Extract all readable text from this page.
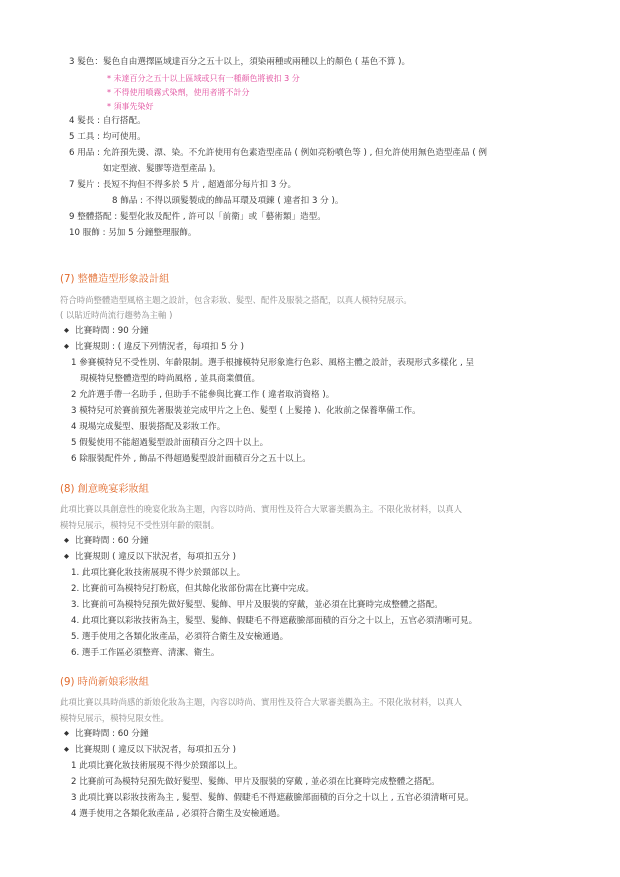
3 髮色：髮色自由選擇區域達百分之五十以上，須染兩種或兩種以上的顏色 ( 基色不算 )。
* 未達百分之五十以上區域或只有一種顏色將被扣 3 分
* 不得使用噴霧式染劑，使用者將不計分
* 須事先染好
4 髮長 : 自行搭配。
5 工具 : 均可使用。
6 用品 : 允許預先燙、漂、染。不允許使用有色素造型產品 ( 例如亮粉噴色等 ) , 但允許使用無色造型產品 ( 例
如定型液、髮膠等造型產品 )。
7 髮片 : 長短不拘但不得多於 5 片 , 超過部分每片扣 3 分。
8 飾品 : 不得以頭髮製成的飾品耳環及項鍊 ( 違者扣 3 分 )。
9 整體搭配 : 髮型化妝及配件 , 許可以「前衛」或「藝術類」造型。
10 服飾 : 另加 5 分鐘整理服飾。
(7) 整體造型形象設計組
符合時尚整體造型風格主題之設計，包含彩妝、髮型、配件及服裝之搭配，以真人模特兒展示。
( 以貼近時尚流行趨勢為主軸 )
◆ 比賽時間 : 90 分鐘
◆ 比賽規則 : ( 違反下列情況者，每項扣 5 分 )
1 參賽模特兒不受性別、年齡限制。選手根據模特兒形象進行色彩、風格主體之設計，表現形式多樣化 , 呈
現模特兒整體造型的時尚風格 , 並具商業價值。
2 允許選手帶一名助手 , 但助手不能參與比賽工作 ( 違者取消資格 )。
3 模特兒可於賽前預先著服裝並完成甲片之上色、髮型 ( 上髮捲 )、化妝前之保養準備工作。
4 現場完成髮型、服裝搭配及彩妝工作。
5 假髮使用不能超過髮型設計面積百分之四十以上。
6 除服裝配件外 , 飾品不得超過髮型設計面積百分之五十以上。
(8) 創意晚宴彩妝組
此項比賽以具創意性的晚宴化妝為主題，內容以時尚、實用性及符合大眾審美觀為主。不限化妝材料，以真人
模特兒展示，模特兒不受性別年齡的限制。
◆ 比賽時間 : 60 分鐘
◆ 比賽規則 ( 違反以下狀況者，每項扣五分 )
1. 此項比賽化妝技術展現不得少於頸部以上。
2. 比賽前可為模特兒打粉底，但其餘化妝部份需在比賽中完成。
3. 比賽前可為模特兒預先做好髮型、髮飾、甲片及服裝的穿戴，並必須在比賽時完成整體之搭配。
4. 此項比賽以彩妝技術為主，髮型、髮飾、假睫毛不得遮蔽臉部面積的百分之十以上，五官必須清晰可見。
5. 選手使用之各類化妝產品，必須符合衛生及安檢通過。
6. 選手工作區必須整齊、清潔、衛生。
(9) 時尚新娘彩妝組
此項比賽以具時尚感的新娘化妝為主題，內容以時尚、實用性及符合大眾審美觀為主。不限化妝材料，以真人
模特兒展示，模特兒限女性。
◆ 比賽時間 : 60 分鐘
◆ 比賽規則 ( 違反以下狀況者，每項扣五分 )
1 此項比賽化妝技術展現不得少於頸部以上。
2 比賽前可為模特兒預先做好髮型、髮飾、甲片及服裝的穿戴 , 並必須在比賽時完成整體之搭配。
3 此項比賽以彩妝技術為主 , 髮型、髮飾、假睫毛不得遮蔽臉部面積的百分之十以上 , 五官必須清晰可見。
4 選手使用之各類化妝產品 , 必須符合衛生及安檢通過。
